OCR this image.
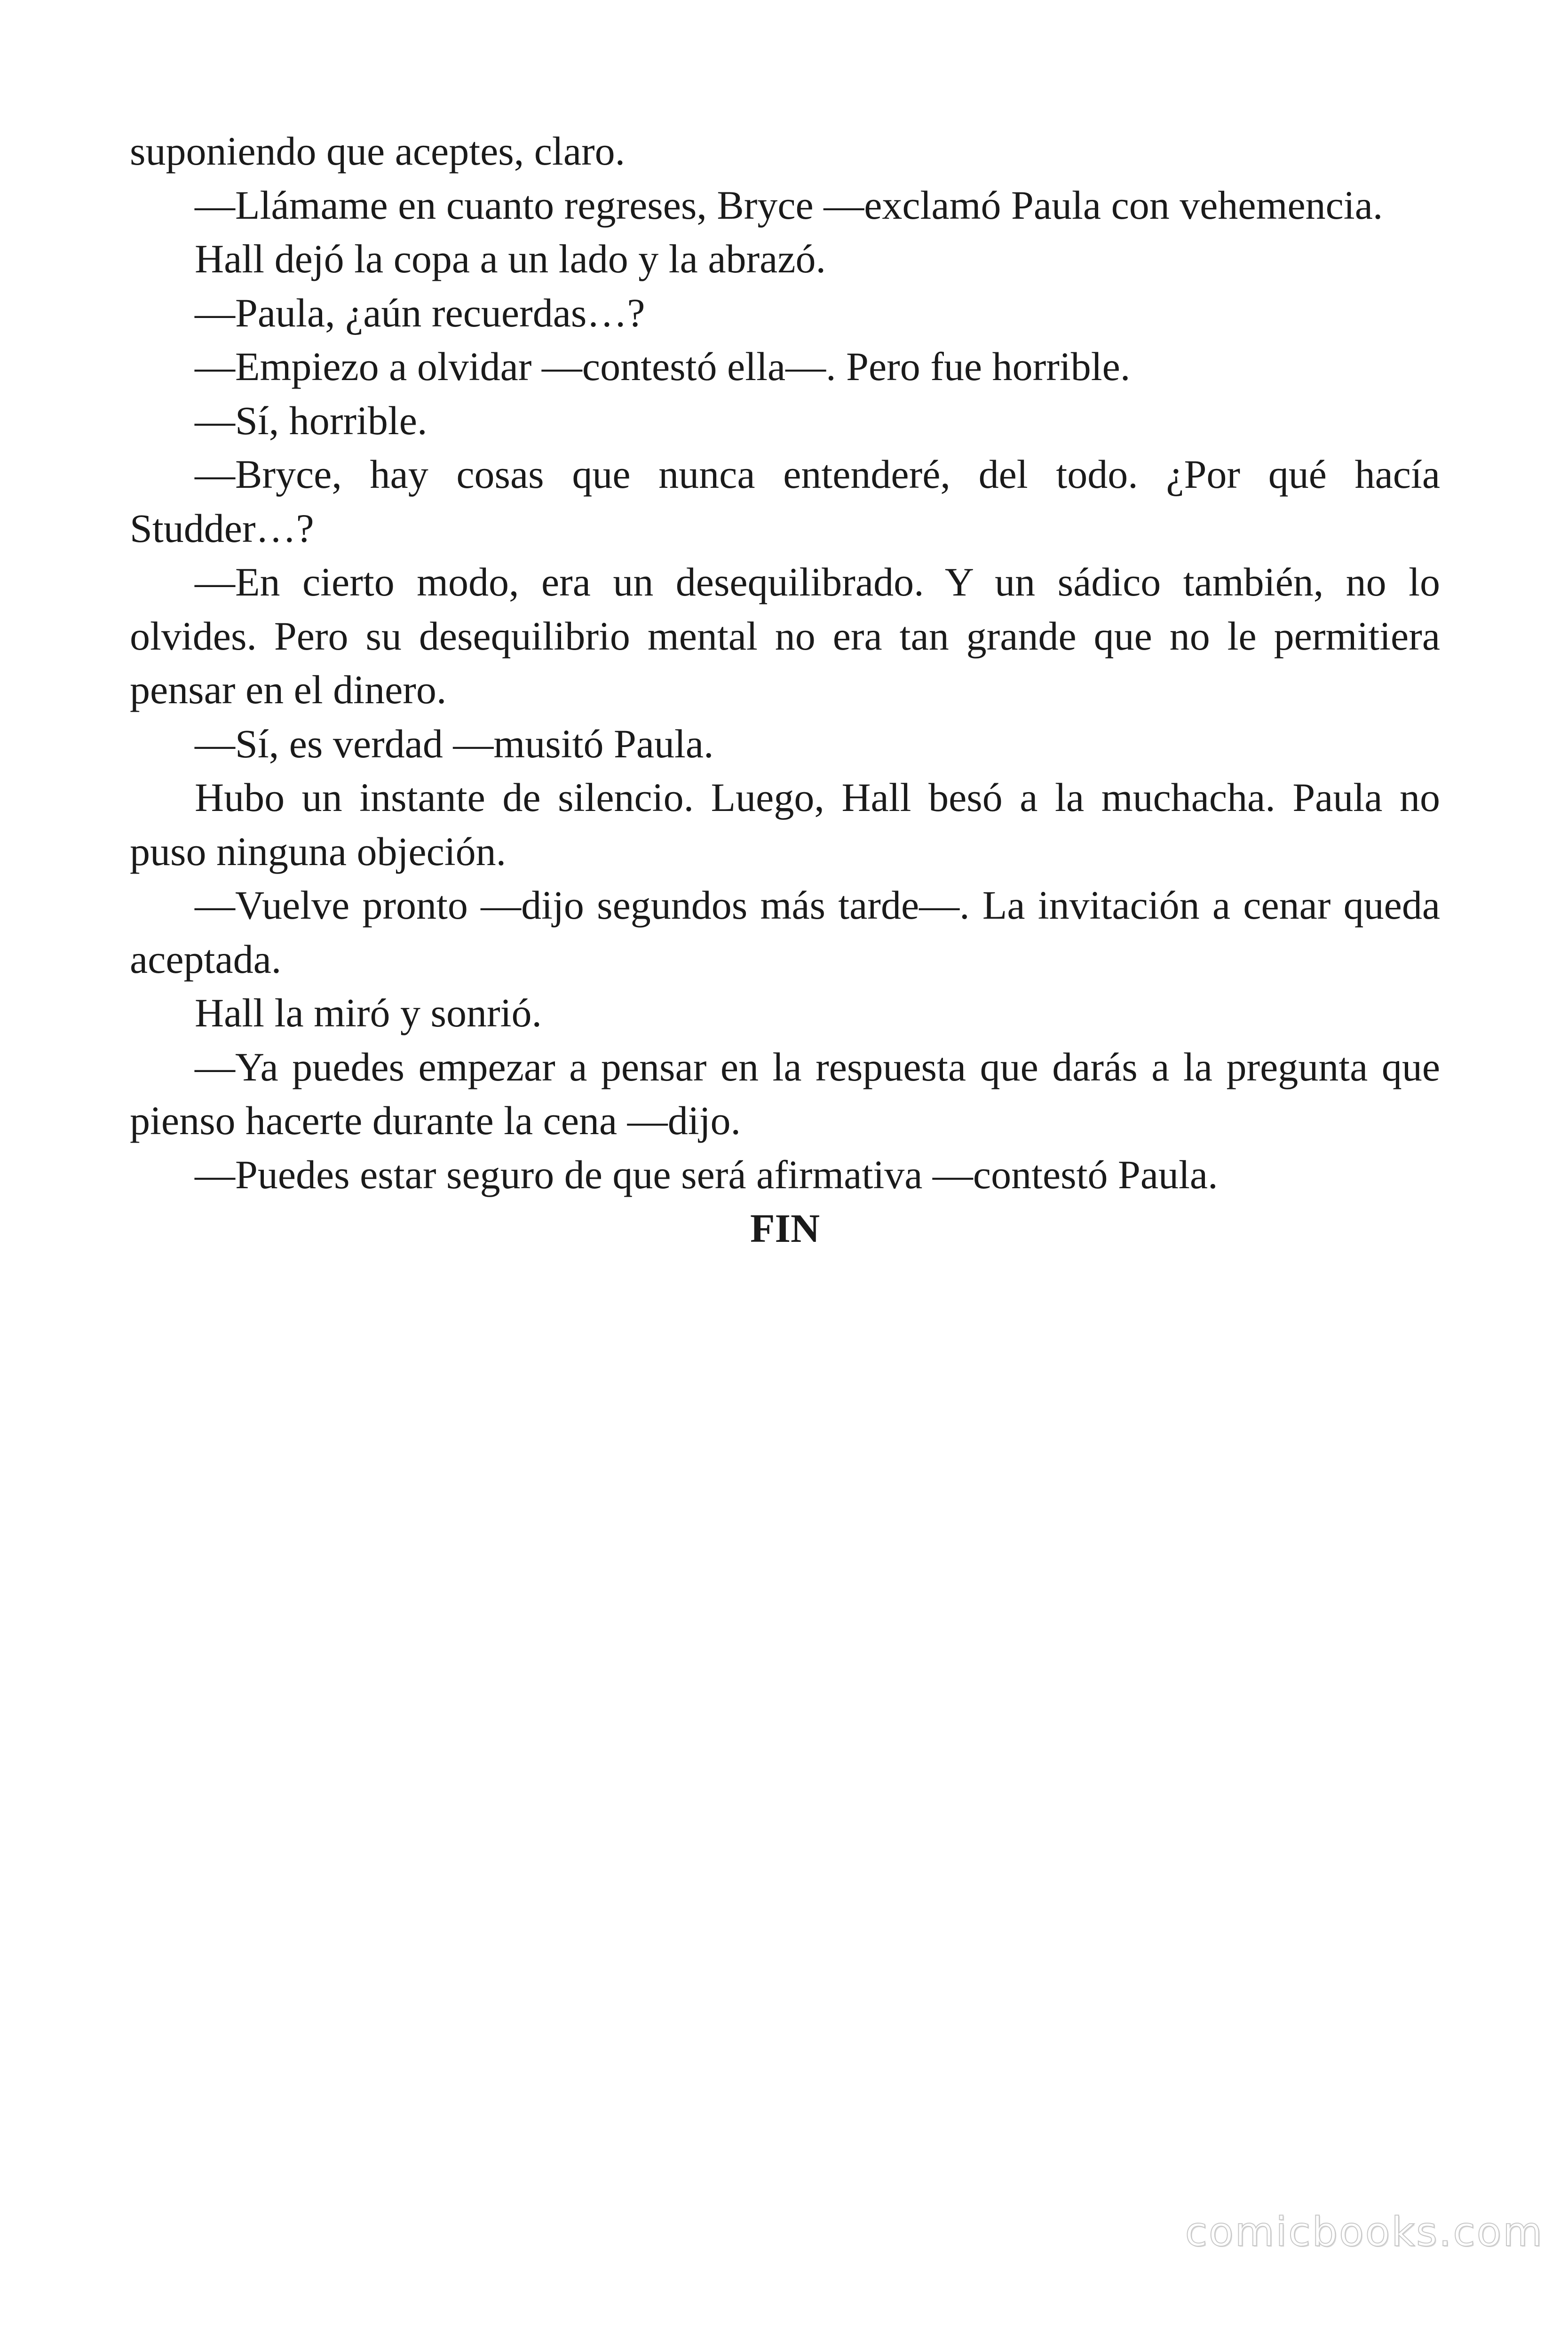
suponiendo que aceptes, claro.

—Llámame en cuanto regreses, Bryce —exclamó Paula con vehemencia.

Hall dejó la copa a un lado y la abrazó.

—Paula, ¿aún recuerdas…?

—Empiezo a olvidar —contestó ella—. Pero fue horrible.

—Sí, horrible.

—Bryce, hay cosas que nunca entenderé, del todo. ¿Por qué hacía Studder…?

—En cierto modo, era un desequilibrado. Y un sádico también, no lo olvides. Pero su desequilibrio mental no era tan grande que no le permitiera pensar en el dinero.

—Sí, es verdad —musitó Paula.

Hubo un instante de silencio. Luego, Hall besó a la muchacha. Paula no puso ninguna objeción.

—Vuelve pronto —dijo segundos más tarde—. La invitación a cenar queda aceptada.

Hall la miró y sonrió.

—Ya puedes empezar a pensar en la respuesta que darás a la pregunta que pienso hacerte durante la cena —dijo.

—Puedes estar seguro de que será afirmativa —contestó Paula.

FIN

comicbooks.com
